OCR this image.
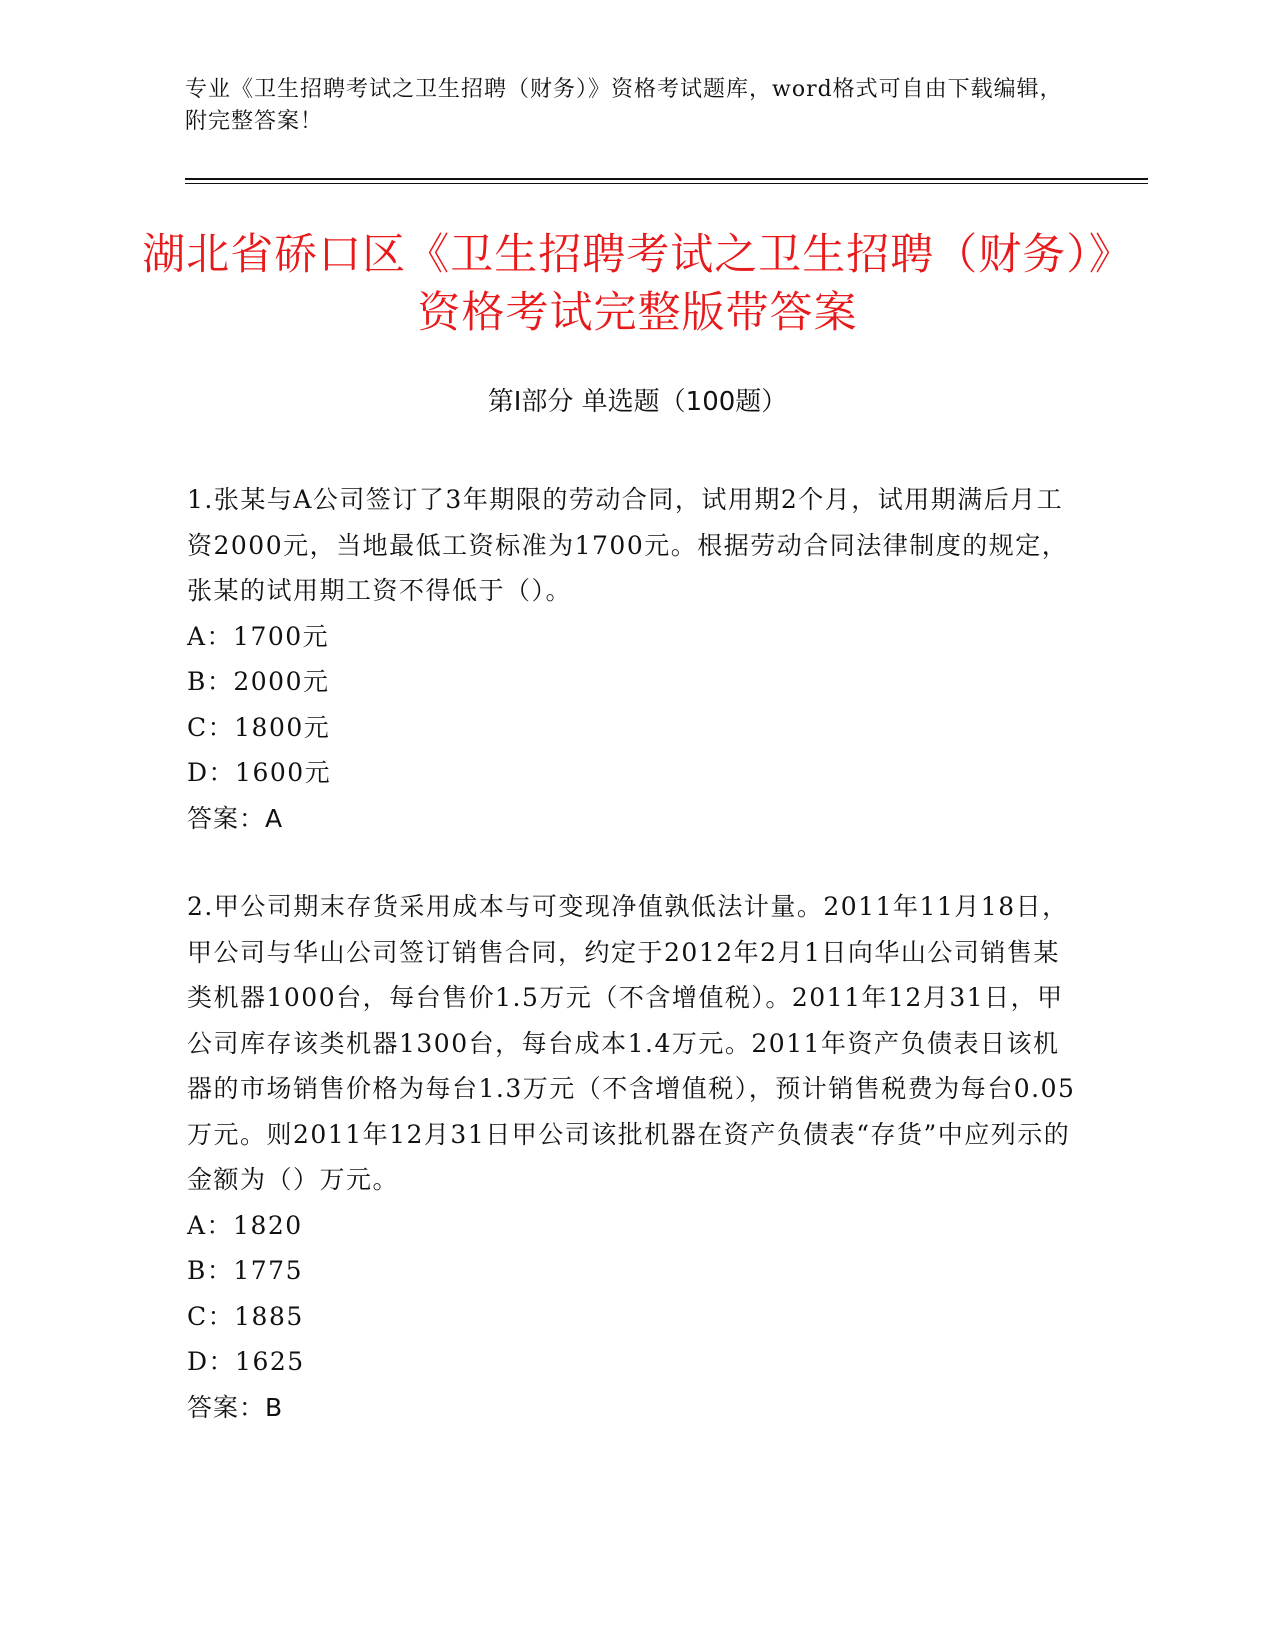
专业《卫生招聘考试之卫生招聘（财务）》资格考试题库，word格式可自由下载编辑，附完整答案！
湖北省硚口区《卫生招聘考试之卫生招聘（财务）》资格考试完整版带答案
第I部分 单选题（100题）

1.张某与A公司签订了3年期限的劳动合同，试用期2个月，试用期满后月工资2000元，当地最低工资标准为1700元。根据劳动合同法律制度的规定，张某的试用期工资不得低于（）。

A：1700元

B：2000元

C：1800元

D：1600元

答案：A

2.甲公司期末存货采用成本与可变现净值孰低法计量。2011年11月18日，甲公司与华山公司签订销售合同，约定于2012年2月1日向华山公司销售某类机器1000台，每台售价1.5万元（不含增值税）。2011年12月31日，甲公司库存该类机器1300台，每台成本1.4万元。2011年资产负债表日该机器的市场销售价格为每台1.3万元（不含增值税），预计销售税费为每台0.05万元。则2011年12月31日甲公司该批机器在资产负债表“存货”中应列示的金额为（）万元。

A：1820

B：1775

C：1885

D：1625

答案：B
